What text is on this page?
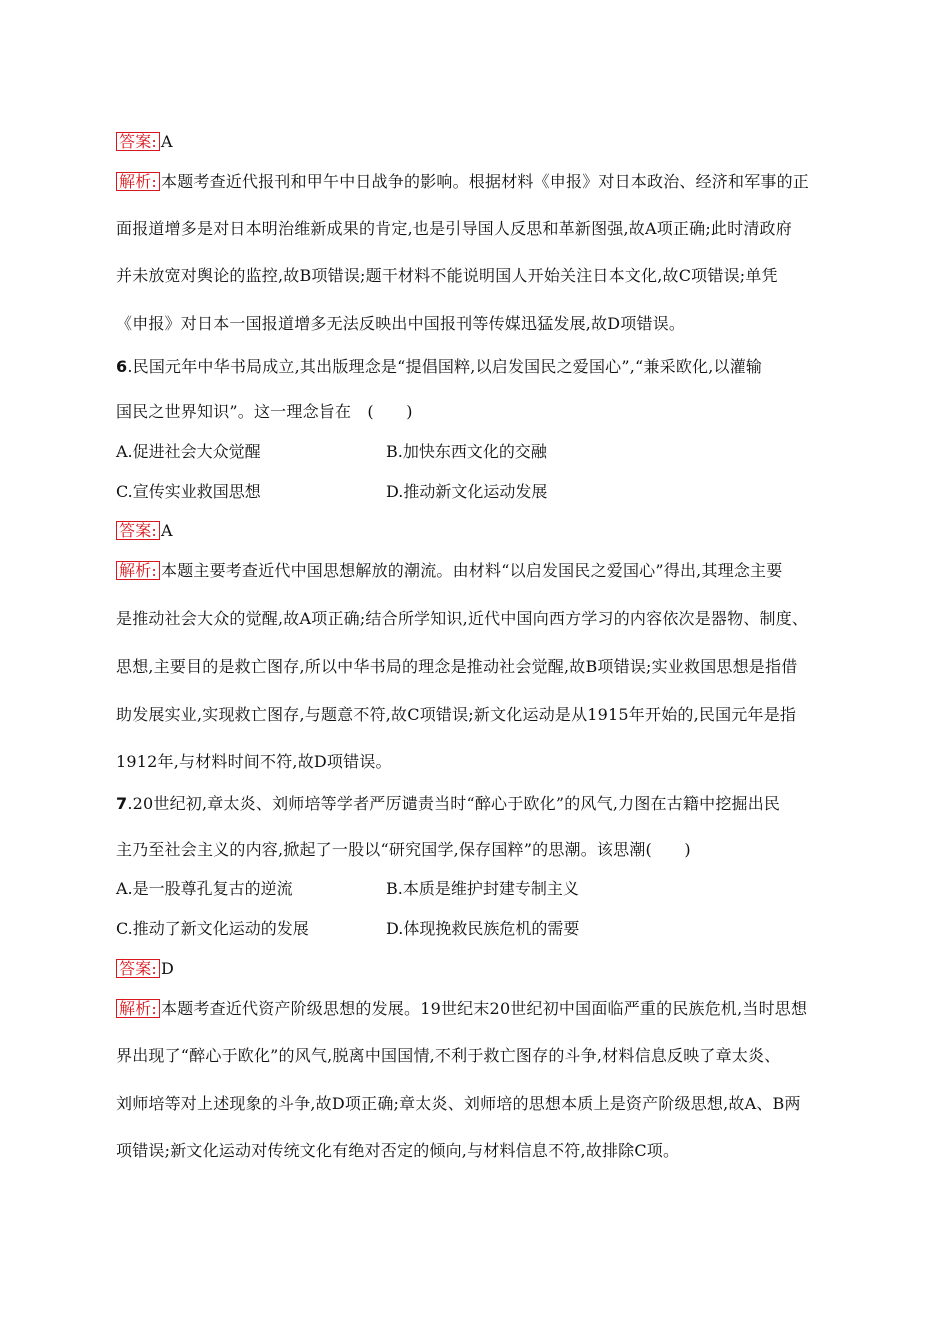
答案: A
解析: 本题考查近代报刊和甲午中日战争的影响。根据材料《申报》对日本政治、经济和军事的正
面报道增多是对日本明治维新成果的肯定,也是引导国人反思和革新图强,故A项正确;此时清政府
并未放宽对舆论的监控,故B项错误;题干材料不能说明国人开始关注日本文化,故C项错误;单凭
《申报》对日本一国报道增多无法反映出中国报刊等传媒迅猛发展,故D项错误。
6.民国元年中华书局成立,其出版理念是“提倡国粹,以启发国民之爱国心”,“兼采欧化,以灌输
国民之世界知识”。这一理念旨在　(　　)
A.促进社会大众觉醒	B.加快东西文化的交融
C.宣传实业救国思想	D.推动新文化运动发展
答案: A
解析: 本题主要考查近代中国思想解放的潮流。由材料“以启发国民之爱国心”得出,其理念主要
是推动社会大众的觉醒,故A项正确;结合所学知识,近代中国向西方学习的内容依次是器物、制度、
思想,主要目的是救亡图存,所以中华书局的理念是推动社会觉醒,故B项错误;实业救国思想是指借
助发展实业,实现救亡图存,与题意不符,故C项错误;新文化运动是从1915年开始的,民国元年是指
1912年,与材料时间不符,故D项错误。
7.20世纪初,章太炎、刘师培等学者严厉谴责当时“醉心于欧化”的风气,力图在古籍中挖掘出民
主乃至社会主义的内容,掀起了一股以“研究国学,保存国粹”的思潮。该思潮(　　)
A.是一股尊孔复古的逆流	B.本质是维护封建专制主义
C.推动了新文化运动的发展	D.体现挽救民族危机的需要
答案: D
解析: 本题考查近代资产阶级思想的发展。19世纪末20世纪初中国面临严重的民族危机,当时思想
界出现了“醉心于欧化”的风气,脱离中国国情,不利于救亡图存的斗争,材料信息反映了章太炎、
刘师培等对上述现象的斗争,故D项正确;章太炎、刘师培的思想本质上是资产阶级思想,故A、B两
项错误;新文化运动对传统文化有绝对否定的倾向,与材料信息不符,故排除C项。
